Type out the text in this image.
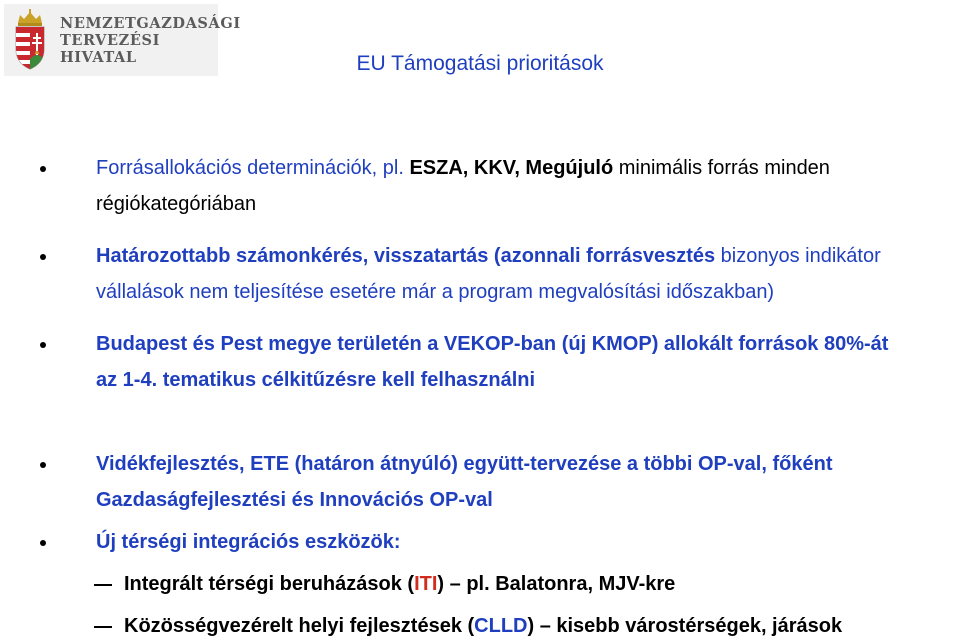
NEMZETGAZDASÁGI
TERVEZÉSI
HIVATAL	EU Támogatási prioritások
Forrásallokációs determinációk, pl. ESZA, KKV, Megújuló minimális forrás minden
régiókategóriában
Határozottabb számonkérés, visszatartás (azonnali forrásvesztés bizonyos indikátor
vállalások nem teljesítése esetére már a program megvalósítási időszakban)
Budapest és Pest megye területén a VEKOP-ban (új KMOP) allokált források 80%-át
az 1-4. tematikus célkitűzésre kell felhasználni
Vidékfejlesztés, ETE (határon átnyúló) együtt-tervezése a többi OP-val, főként
Gazdaságfejlesztési és Innovációs OP-val
Új térségi integrációs eszközök:
Integrált térségi beruházások (ITI) – pl. Balatonra, MJV-kre
Közösségvezérelt helyi fejlesztések (CLLD) – kisebb várostérségek, járások
